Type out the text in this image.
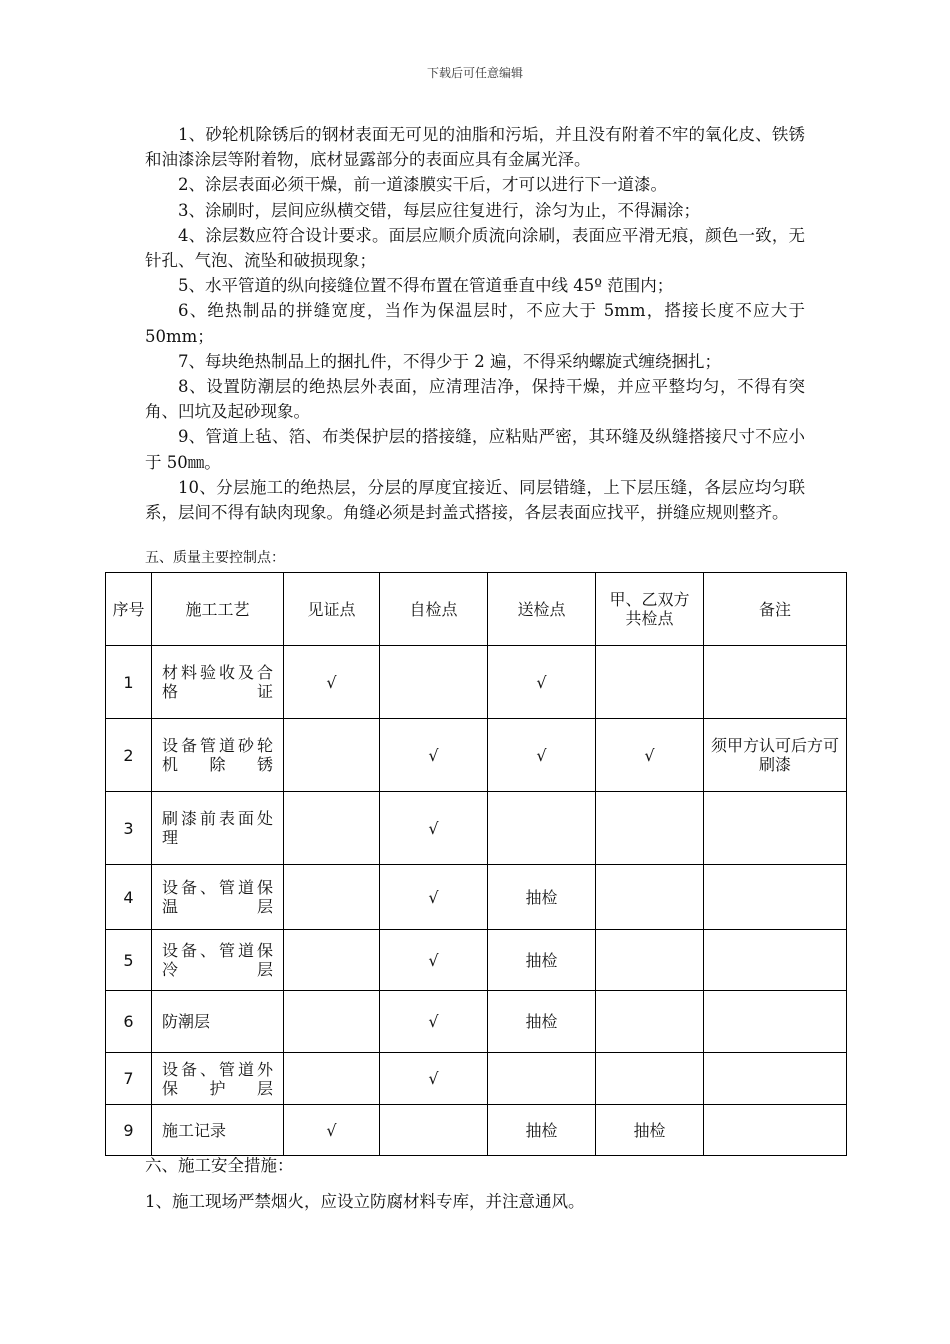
下载后可任意编辑

1、砂轮机除锈后的钢材表面无可见的油脂和污垢，并且没有附着不牢的氧化皮、铁锈和油漆涂层等附着物，底材显露部分的表面应具有金属光泽。

2、涂层表面必须干燥，前一道漆膜实干后，才可以进行下一道漆。

3、涂刷时，层间应纵横交错，每层应往复进行，涂匀为止，不得漏涂；

4、涂层数应符合设计要求。面层应顺介质流向涂刷，表面应平滑无痕，颜色一致，无针孔、气泡、流坠和破损现象；

5、水平管道的纵向接缝位置不得布置在管道垂直中线 45º 范围内；

6、绝热制品的拼缝宽度，当作为保温层时，不应大于 5mm，搭接长度不应大于 50mm；

7、每块绝热制品上的捆扎件，不得少于 2 遍，不得采纳螺旋式缠绕捆扎；

8、设置防潮层的绝热层外表面，应清理洁净，保持干燥，并应平整均匀，不得有突角、凹坑及起砂现象。

9、管道上毡、箔、布类保护层的搭接缝，应粘贴严密，其环缝及纵缝搭接尺寸不应小于 50㎜。

10、分层施工的绝热层，分层的厚度宜接近、同层错缝，上下层压缝，各层应均匀联系，层间不得有缺肉现象。角缝必须是封盖式搭接，各层表面应找平，拼缝应规则整齐。

五、质量主要控制点：
序号	施工工艺	见证点	自检点	送检点	甲、乙双方共检点	备注
1	材料验收及合格证	√		√		
2	设备管道砂轮机除锈		√	√	√	须甲方认可后方可刷漆
3	刷漆前表面处理		√			
4	设备、管道保温层		√	抽检		
5	设备、管道保冷层		√	抽检		
6	防潮层		√	抽检		
7	设备、管道外保护层		√			
9	施工记录	√		抽检	抽检	
六、施工安全措施：
1、施工现场严禁烟火，应设立防腐材料专库，并注意通风。
